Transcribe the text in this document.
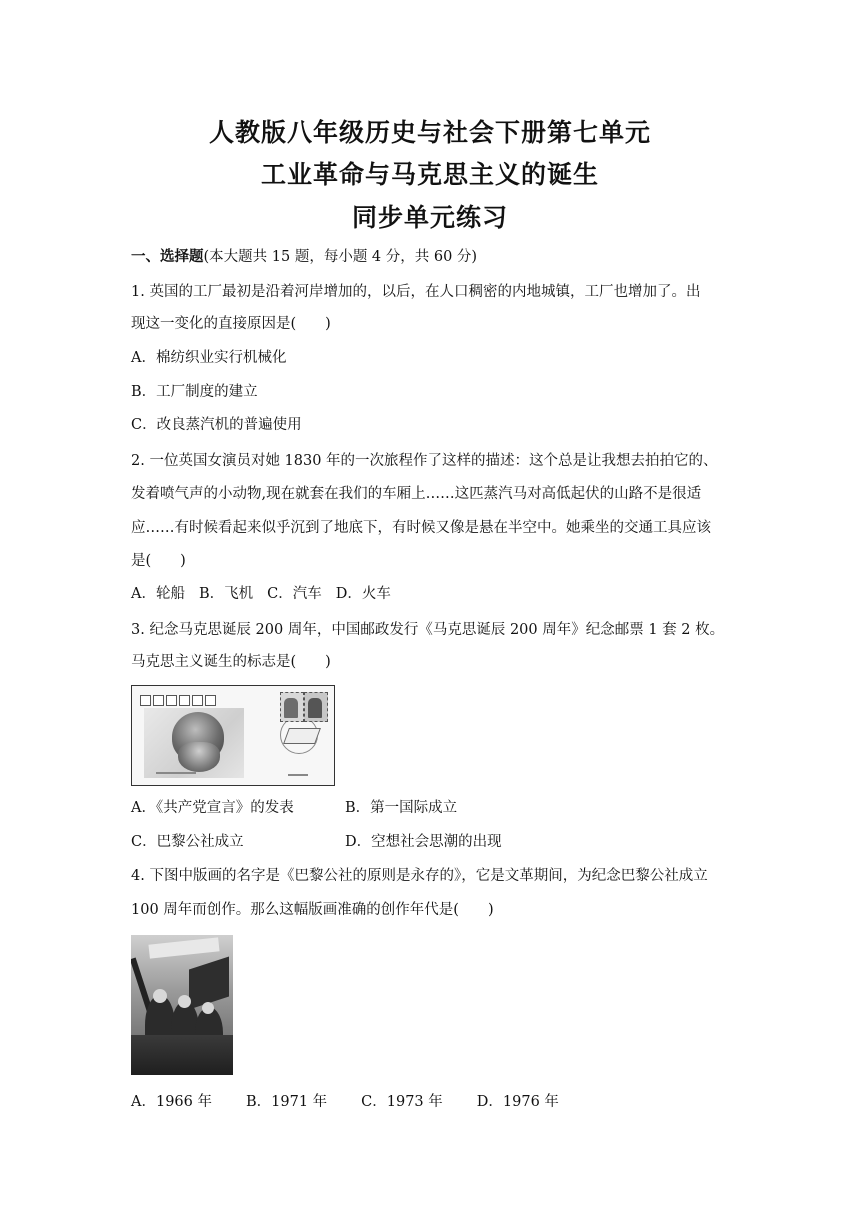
人教版八年级历史与社会下册第七单元
工业革命与马克思主义的诞生
同步单元练习
一、选择题(本大题共 15 题，每小题 4 分，共 60 分)
1. 英国的工厂最初是沿着河岸增加的，以后，在人口稠密的内地城镇，工厂也增加了。出
现这一变化的直接原因是(　　)
A．棉纺织业实行机械化
B．工厂制度的建立
C．改良蒸汽机的普遍使用
2. 一位英国女演员对她 1830 年的一次旅程作了这样的描述：这个总是让我想去拍拍它的、
发着喷气声的小动物,现在就套在我们的车厢上……这匹蒸汽马对高低起伏的山路不是很适
应……有时候看起来似乎沉到了地底下，有时候又像是悬在半空中。她乘坐的交通工具应该
是(　　)
A．轮船 B．飞机 C．汽车 D．火车
3. 纪念马克思诞辰 200 周年，中国邮政发行《马克思诞辰 200 周年》纪念邮票 1 套 2 枚。
马克思主义诞生的标志是(　　)
A．《共产党宣言》的发表	B．第一国际成立
C．巴黎公社成立	D．空想社会思潮的出现
4. 下图中版画的名字是《巴黎公社的原则是永存的》，它是文革期间，为纪念巴黎公社成立
100 周年而创作。那么这幅版画准确的创作年代是(　　)
A．1966 年 B．1971 年 C．1973 年 D．1976 年
